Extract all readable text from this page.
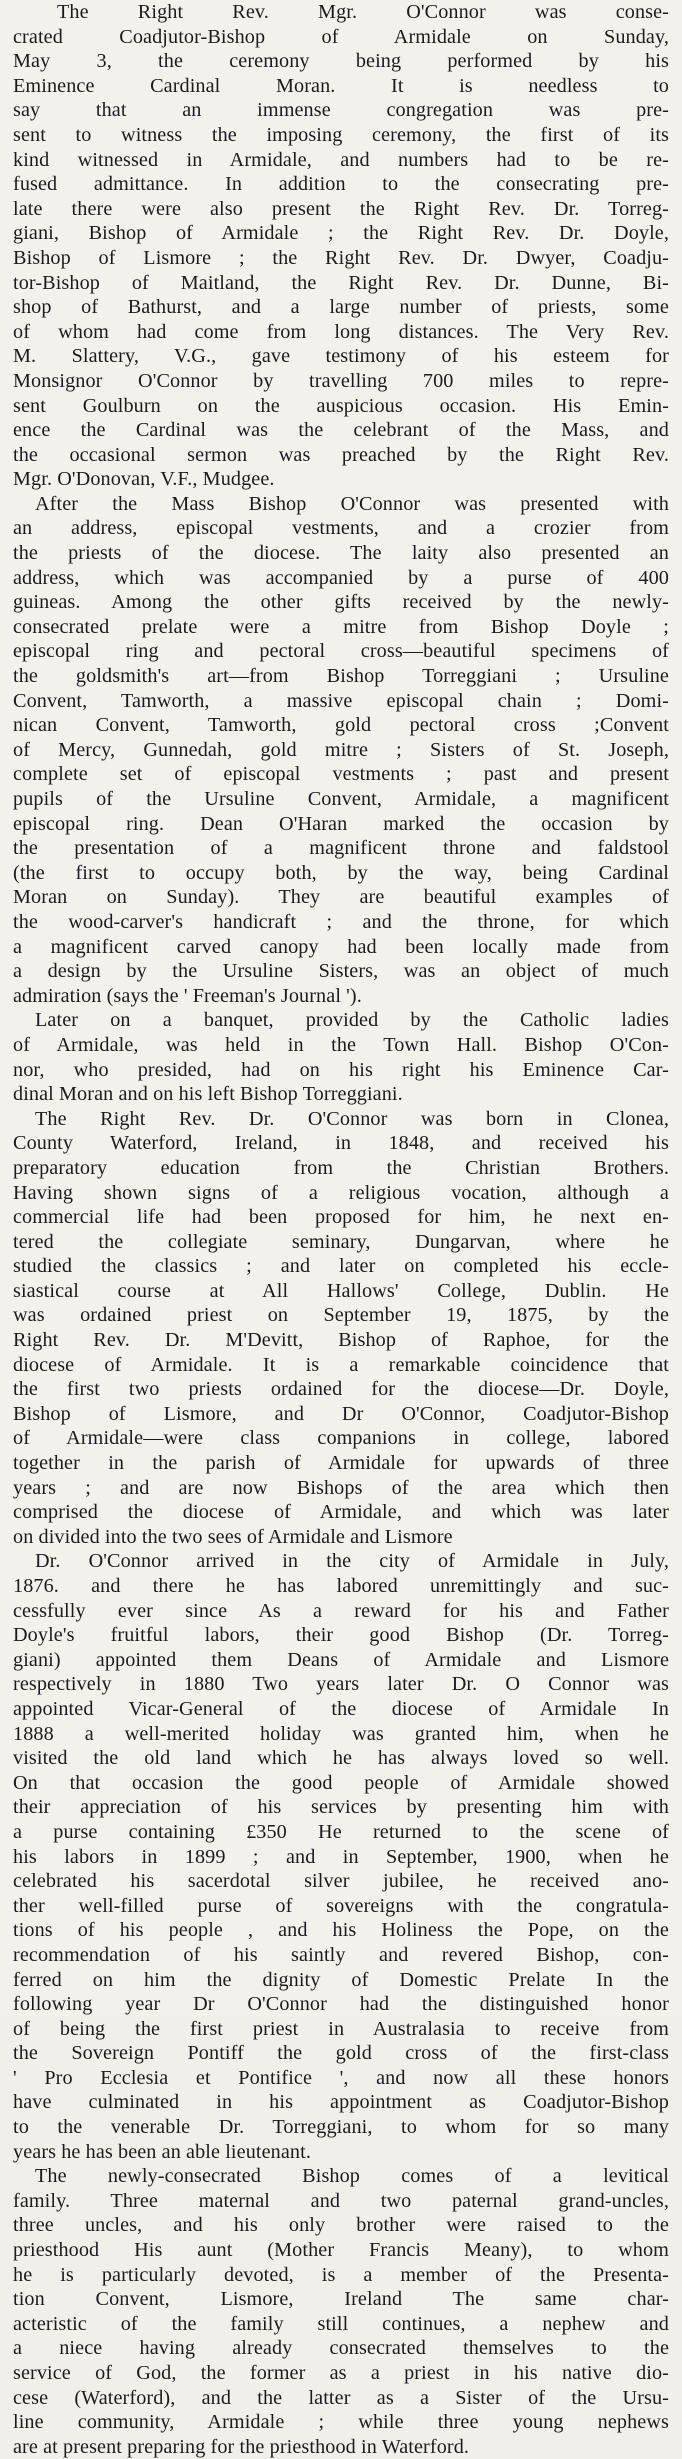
The Right Rev. Mgr. O'Connor was conse-
crated Coadjutor-Bishop of Armidale on Sunday,
May 3, the ceremony being performed by his
Eminence Cardinal Moran. It is needless to
say that an immense congregation was pre-
sent to witness the imposing ceremony, the first of its
kind witnessed in Armidale, and numbers had to be re-
fused admittance. In addition to the consecrating pre-
late there were also present the Right Rev. Dr. Torreg-
giani, Bishop of Armidale ; the Right Rev. Dr. Doyle,
Bishop of Lismore ; the Right Rev. Dr. Dwyer, Coadju-
tor-Bishop of Maitland, the Right Rev. Dr. Dunne, Bi-
shop of Bathurst, and a large number of priests, some
of whom had come from long distances. The Very Rev.
M. Slattery, V.G., gave testimony of his esteem for
Monsignor O'Connor by travelling 700 miles to repre-
sent Goulburn on the auspicious occasion. His Emin-
ence the Cardinal was the celebrant of the Mass, and
the occasional sermon was preached by the Right Rev.
Mgr. O'Donovan, V.F., Mudgee.

After the Mass Bishop O'Connor was presented with
an address, episcopal vestments, and a crozier from
the priests of the diocese. The laity also presented an
address, which was accompanied by a purse of 400
guineas. Among the other gifts received by the newly-
consecrated prelate were a mitre from Bishop Doyle ;
episcopal ring and pectoral cross—beautiful specimens of
the goldsmith's art—from Bishop Torreggiani ; Ursuline
Convent, Tamworth, a massive episcopal chain ; Domi-
nican Convent, Tamworth, gold pectoral cross ;Convent
of Mercy, Gunnedah, gold mitre ; Sisters of St. Joseph,
complete set of episcopal vestments ; past and present
pupils of the Ursuline Convent, Armidale, a magnificent
episcopal ring. Dean O'Haran marked the occasion by
the presentation of a magnificent throne and faldstool
(the first to occupy both, by the way, being Cardinal
Moran on Sunday). They are beautiful examples of
the wood-carver's handicraft ; and the throne, for which
a magnificent carved canopy had been locally made from
a design by the Ursuline Sisters, was an object of much
admiration (says the ' Freeman's Journal ').

Later on a banquet, provided by the Catholic ladies
of Armidale, was held in the Town Hall. Bishop O'Con-
nor, who presided, had on his right his Eminence Car-
dinal Moran and on his left Bishop Torreggiani.

The Right Rev. Dr. O'Connor was born in Clonea,
County Waterford, Ireland, in 1848, and received his
preparatory education from the Christian Brothers.
Having shown signs of a religious vocation, although a
commercial life had been proposed for him, he next en-
tered the collegiate seminary, Dungarvan, where he
studied the classics ; and later on completed his eccle-
siastical course at All Hallows' College, Dublin. He
was ordained priest on September 19, 1875, by the
Right Rev. Dr. M'Devitt, Bishop of Raphoe, for the
diocese of Armidale. It is a remarkable coincidence that
the first two priests ordained for the diocese—Dr. Doyle,
Bishop of Lismore, and Dr O'Connor, Coadjutor-Bishop
of Armidale—were class companions in college, labored
together in the parish of Armidale for upwards of three
years ; and are now Bishops of the area which then
comprised the diocese of Armidale, and which was later
on divided into the two sees of Armidale and Lismore

Dr. O'Connor arrived in the city of Armidale in July,
1876. and there he has labored unremittingly and suc-
cessfully ever since As a reward for his and Father
Doyle's fruitful labors, their good Bishop (Dr. Torreg-
giani) appointed them Deans of Armidale and Lismore
respectively in 1880 Two years later Dr. O Connor was
appointed Vicar-General of the diocese of Armidale In
1888 a well-merited holiday was granted him, when he
visited the old land which he has always loved so well.
On that occasion the good people of Armidale showed
their appreciation of his services by presenting him with
a purse containing £350 He returned to the scene of
his labors in 1899 ; and in September, 1900, when he
celebrated his sacerdotal silver jubilee, he received ano-
ther well-filled purse of sovereigns with the congratula-
tions of his people , and his Holiness the Pope, on the
recommendation of his saintly and revered Bishop, con-
ferred on him the dignity of Domestic Prelate In the
following year Dr O'Connor had the distinguished honor
of being the first priest in Australasia to receive from
the Sovereign Pontiff the gold cross of the first-class
' Pro Ecclesia et Pontifice ', and now all these honors
have culminated in his appointment as Coadjutor-Bishop
to the venerable Dr. Torreggiani, to whom for so many
years he has been an able lieutenant.

The newly-consecrated Bishop comes of a levitical
family. Three maternal and two paternal grand-uncles,
three uncles, and his only brother were raised to the
priesthood His aunt (Mother Francis Meany), to whom
he is particularly devoted, is a member of the Presenta-
tion Convent, Lismore, Ireland The same char-
acteristic of the family still continues, a nephew and
a niece having already consecrated themselves to the
service of God, the former as a priest in his native dio-
cese (Waterford), and the latter as a Sister of the Ursu-
line community, Armidale ; while three young nephews
are at present preparing for the priesthood in Waterford.
